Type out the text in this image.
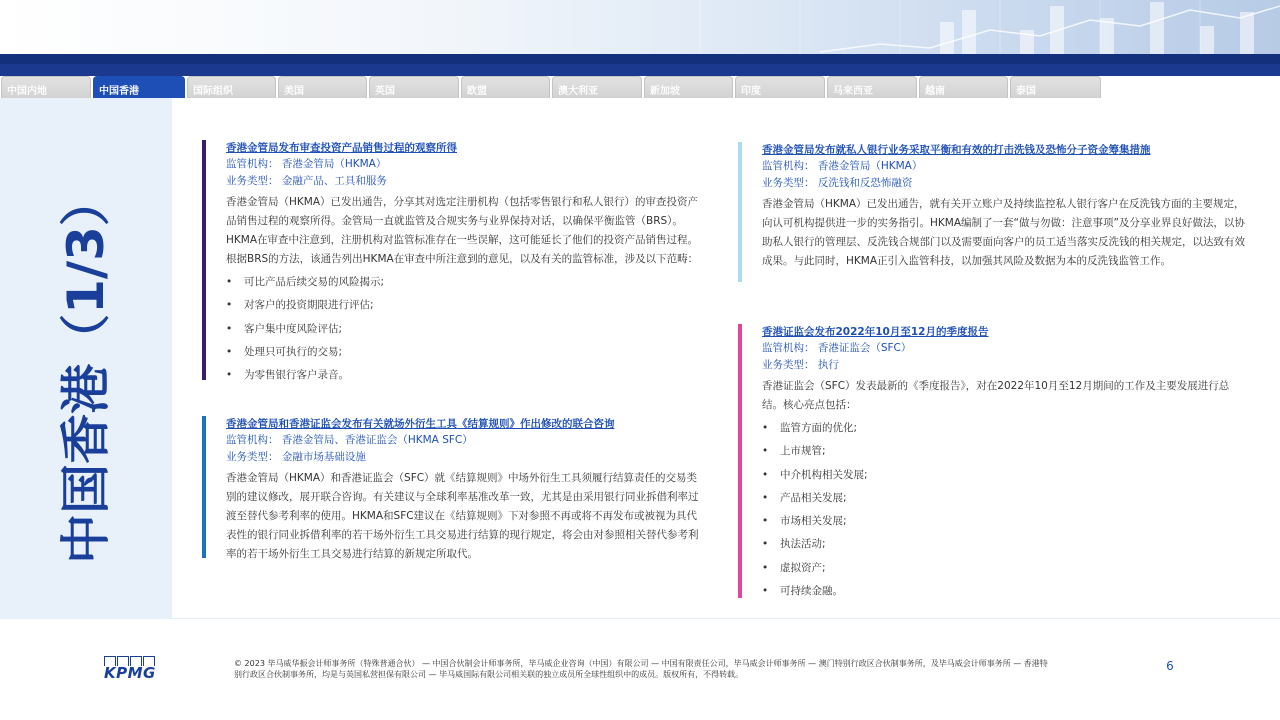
中国内地	中国香港	国际组织	美国	英国	欧盟	澳大利亚	新加坡	印度	马来西亚	越南	泰国
中国香港（1/3）
香港金管局发布审查投资产品销售过程的观察所得
监管机构： 香港金管局（HKMA）
业务类型： 金融产品、工具和服务
香港金管局（HKMA）已发出通告，分享其对选定注册机构（包括零售银行和私人银行）的审查投资产品销售过程的观察所得。金管局一直就监管及合规实务与业界保持对话，以确保平衡监管（BRS）。HKMA在审查中注意到，注册机构对监管标准存在一些误解，这可能延长了他们的投资产品销售过程。根据BRS的方法，该通告列出HKMA在审查中所注意到的意见，以及有关的监管标准，涉及以下范畴：
• 可比产品后续交易的风险揭示;
• 对客户的投资期限进行评估;
• 客户集中度风险评估;
• 处理只可执行的交易;
• 为零售银行客户录音。
香港金管局和香港证监会发布有关就场外衍生工具《结算规则》作出修改的联合咨询
监管机构： 香港金管局、香港证监会（HKMA SFC）
业务类型： 金融市场基础设施
香港金管局（HKMA）和香港证监会（SFC）就《结算规则》中场外衍生工具须履行结算责任的交易类别的建议修改，展开联合咨询。有关建议与全球利率基准改革一致，尤其是由采用银行同业拆借利率过渡至替代参考利率的使用。HKMA和SFC建议在《结算规则》下对参照不再或将不再发布或被视为具代表性的银行同业拆借利率的若干场外衍生工具交易进行结算的现行规定，将会由对参照相关替代参考利率的若干场外衍生工具交易进行结算的新规定所取代。
香港金管局发布就私人银行业务采取平衡和有效的打击洗钱及恐怖分子资金筹集措施
监管机构： 香港金管局（HKMA）
业务类型： 反洗钱和反恐怖融资
香港金管局（HKMA）已发出通告，就有关开立账户及持续监控私人银行客户在反洗钱方面的主要规定，向认可机构提供进一步的实务指引。HKMA编制了一套“做与勿做：注意事项”及分享业界良好做法，以协助私人银行的管理层、反洗钱合规部门以及需要面向客户的员工适当落实反洗钱的相关规定，以达致有效成果。与此同时，HKMA正引入监管科技，以加强其风险及数据为本的反洗钱监管工作。
香港证监会发布2022年10月至12月的季度报告
监管机构： 香港证监会（SFC）
业务类型： 执行
香港证监会（SFC）发表最新的《季度报告》，对在2022年10月至12月期间的工作及主要发展进行总结。核心亮点包括：
• 监管方面的优化;
• 上市规管;
• 中介机构相关发展;
• 产品相关发展;
• 市场相关发展;
• 执法活动;
• 虚拟资产;
• 可持续金融。
KPMG
© 2023 毕马威华振会计师事务所（特殊普通合伙） — 中国合伙制会计师事务所，毕马威企业咨询（中国）有限公司 — 中国有限责任公司，毕马威会计师事务所 — 澳门特别行政区合伙制事务所，及毕马威会计师事务所 — 香港特别行政区合伙制事务所，均是与英国私营担保有限公司 — 毕马威国际有限公司相关联的独立成员所全球性组织中的成员。版权所有，不得转载。
6
